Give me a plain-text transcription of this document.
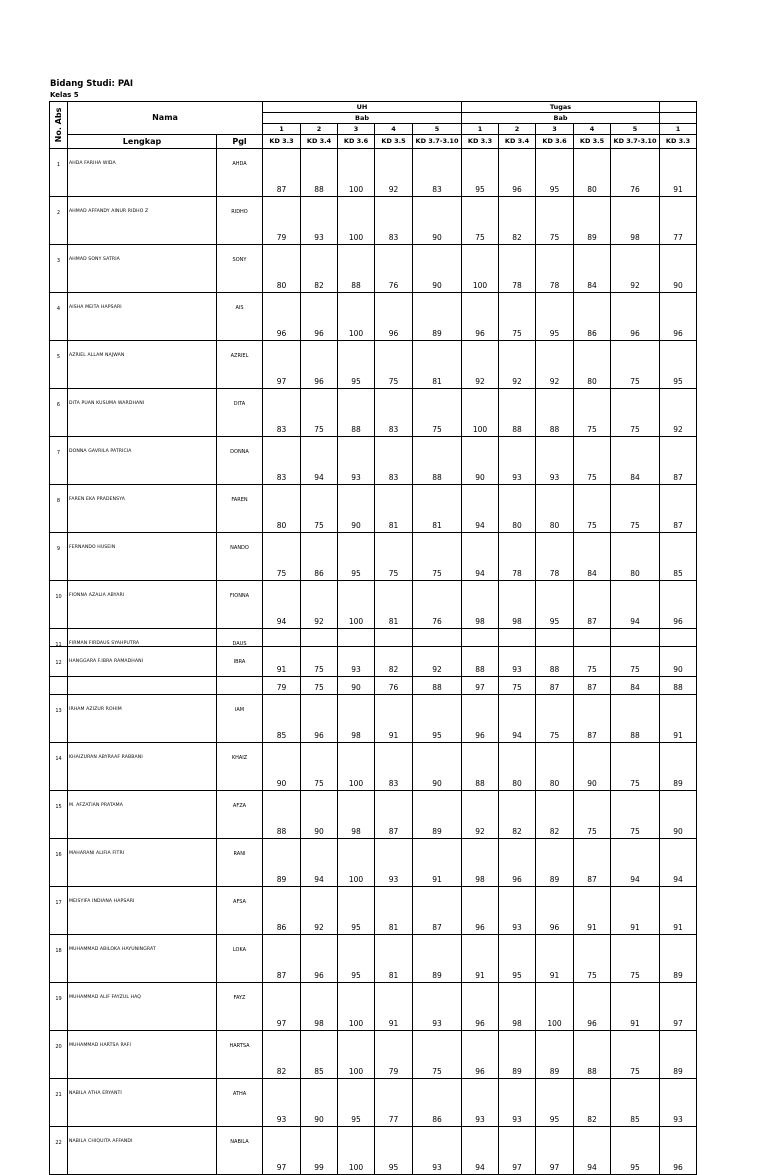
Bidang Studi: PAI
Kelas 5
No. Abs	Nama		UH					Tugas					
			Bab					Bab					
			1	2	3	4	5	1	2	3	4	5	1
	Lengkap	Pgl	KD 3.3	KD 3.4	KD 3.6	KD 3.5	KD 3.7-3.10	KD 3.3	KD 3.4	KD 3.6	KD 3.5	KD 3.7-3.10	KD 3.3
1	AHDA FARIHA WIDA	AHDA	87	88	100	92	83	95	96	95	80	76	91
2	AHMAD AFFANDY AINUR RIDHO Z	RIDHO	79	93	100	83	90	75	82	75	89	98	77
3	AHMAD SONY SATRIA	SONY	80	82	88	76	90	100	78	78	84	92	90
4	AISHA MEITA HAPSARI	AIS	96	96	100	96	89	96	75	95	86	96	96
5	AZRIEL ALLAM NAJWAN	AZRIEL	97	96	95	75	81	92	92	92	80	75	95
6	DITA PUAN KUSUMA WARDHANI	DITA	83	75	88	83	75	100	88	88	75	75	92
7	DONNA GAVRILA PATRICIA	DONNA	83	94	93	83	88	90	93	93	75	84	87
8	FAREN EKA PRADENSYA	FAREN	80	75	90	81	81	94	80	80	75	75	87
9	FERNANDO HUSEIN	NANDO	75	86	95	75	75	94	78	78	84	80	85
10	FIONNA AZALIA ABYARI	FIONNA	94	92	100	81	76	98	98	95	87	94	96
11	FIRMAN FIRDAUS SYAHPUTRA	DAUS	91	75	93	82	92	88	93	88	75	75	90
12	HANGGARA F.IBRA RAMADHANI	IBRA	79	75	90	76	88	97	75	87	87	84	88
13	IRHAM AZIZUR ROHIM	IAM	85	96	98	91	95	96	94	75	87	88	91
14	KHAIZURAN ABYRAAF RABBANI	KHAIZ	90	75	100	83	90	88	80	80	90	75	89
15	M. AFZATIAN PRATAMA	AFZA	88	90	98	87	89	92	82	82	75	75	90
16	MAHARANI ALIFIA FITRI	RANI	89	94	100	93	91	98	96	89	87	94	94
17	MEISYIFA INDIANA HAPSARI	AFSA	86	92	95	81	87	96	93	96	91	91	91
18	MUHAMMAD ABILOKA HAYUNINGRAT	LOKA	87	96	95	81	89	91	95	91	75	75	89
19	MUHAMMAD ALIF FAYZUL HAQ	FAYZ	97	98	100	91	93	96	98	100	96	91	97
20	MUHAMMAD HARTSA RAFI	HARTSA	82	85	100	79	75	96	89	89	88	75	89
21	NABILA ATHA ERYANTI	ATHA	93	90	95	77	86	93	93	95	82	85	93
22	NABILA CHIQUITA AFFANDI	NABILA	97	99	100	95	93	94	97	97	94	95	96
